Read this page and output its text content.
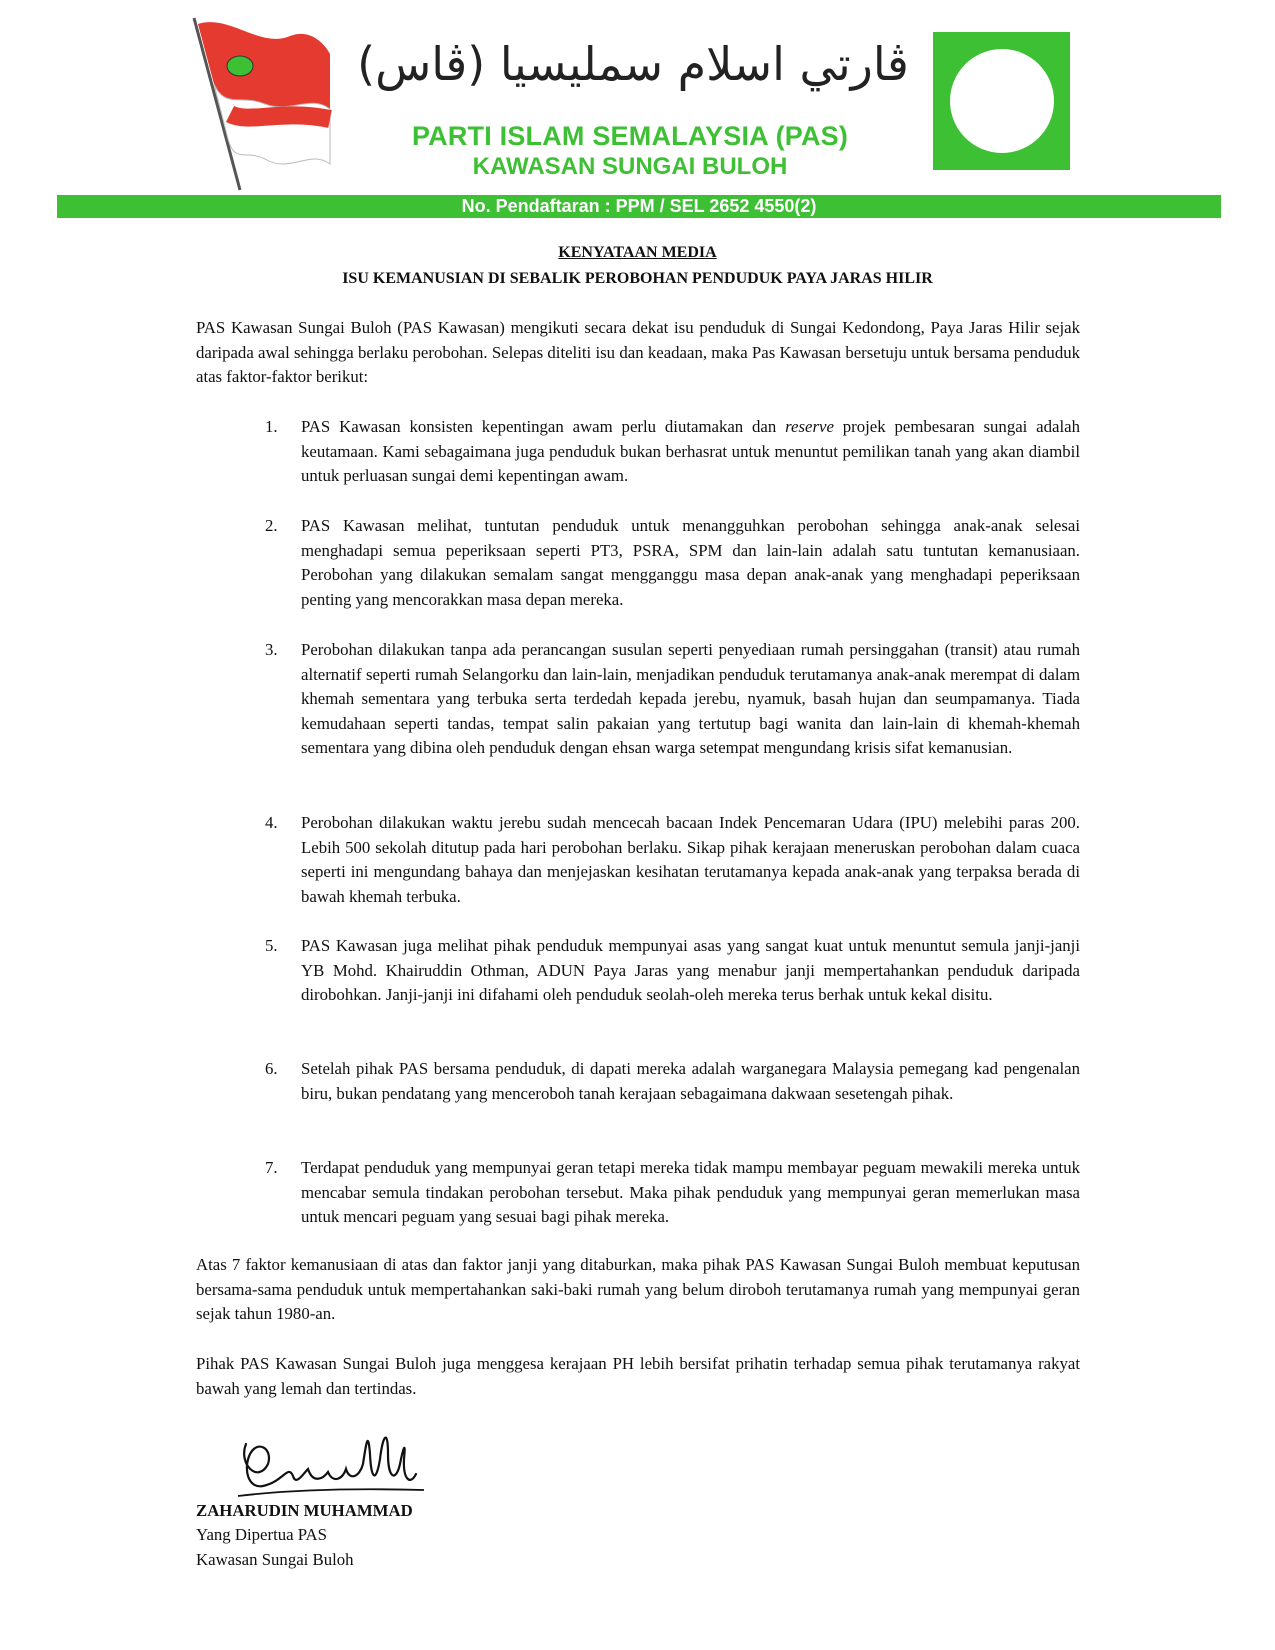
ڤارتي اسلام سمليسيا (ڤاس)
PARTI ISLAM SEMALAYSIA (PAS)
KAWASAN SUNGAI BULOH
No. Pendaftaran : PPM / SEL 2652 4550(2)
KENYATAAN MEDIA
ISU KEMANUSIAN DI SEBALIK PEROBOHAN PENDUDUK PAYA JARAS HILIR
PAS Kawasan Sungai Buloh (PAS Kawasan) mengikuti secara dekat isu penduduk di Sungai Kedondong, Paya Jaras Hilir sejak daripada awal sehingga berlaku perobohan. Selepas diteliti isu dan keadaan, maka Pas Kawasan bersetuju untuk bersama penduduk atas faktor-faktor berikut:
1.	PAS Kawasan konsisten kepentingan awam perlu diutamakan dan reserve projek pembesaran sungai adalah keutamaan. Kami sebagaimana juga penduduk bukan berhasrat untuk menuntut pemilikan tanah yang akan diambil untuk perluasan sungai demi kepentingan awam.
2.	PAS Kawasan melihat, tuntutan penduduk untuk menangguhkan perobohan sehingga anak-anak selesai menghadapi semua peperiksaan seperti PT3, PSRA, SPM dan lain-lain adalah satu tuntutan kemanusiaan. Perobohan yang dilakukan semalam sangat mengganggu masa depan anak-anak yang menghadapi peperiksaan penting yang mencorakkan masa depan mereka.
3.	Perobohan dilakukan tanpa ada perancangan susulan seperti penyediaan rumah persinggahan (transit) atau rumah alternatif seperti rumah Selangorku dan lain-lain, menjadikan penduduk terutamanya anak-anak merempat di dalam khemah sementara yang terbuka serta terdedah kepada jerebu, nyamuk, basah hujan dan seumpamanya. Tiada kemudahaan seperti tandas, tempat salin pakaian yang tertutup bagi wanita dan lain-lain di khemah-khemah sementara yang dibina oleh penduduk dengan ehsan warga setempat mengundang krisis sifat kemanusian.
4.	Perobohan dilakukan waktu jerebu sudah mencecah bacaan Indek Pencemaran Udara (IPU) melebihi paras 200. Lebih 500 sekolah ditutup pada hari perobohan berlaku. Sikap pihak kerajaan meneruskan perobohan dalam cuaca seperti ini mengundang bahaya dan menjejaskan kesihatan terutamanya kepada anak-anak yang terpaksa berada di bawah khemah terbuka.
5.	PAS Kawasan juga melihat pihak penduduk mempunyai asas yang sangat kuat untuk menuntut semula janji-janji YB Mohd. Khairuddin Othman, ADUN Paya Jaras yang menabur janji mempertahankan penduduk daripada dirobohkan. Janji-janji ini difahami oleh penduduk seolah-oleh mereka terus berhak untuk kekal disitu.
6.	Setelah pihak PAS bersama penduduk, di dapati mereka adalah warganegara Malaysia pemegang kad pengenalan biru, bukan pendatang yang menceroboh tanah kerajaan sebagaimana dakwaan sesetengah pihak.
7.	Terdapat penduduk yang mempunyai geran tetapi mereka tidak mampu membayar peguam mewakili mereka untuk mencabar semula tindakan perobohan tersebut. Maka pihak penduduk yang mempunyai geran memerlukan masa untuk mencari peguam yang sesuai bagi pihak mereka.
Atas 7 faktor kemanusiaan di atas dan faktor janji yang ditaburkan, maka pihak PAS Kawasan Sungai Buloh membuat keputusan bersama-sama penduduk untuk mempertahankan saki-baki rumah yang belum diroboh terutamanya rumah yang mempunyai geran sejak tahun 1980-an.
Pihak PAS Kawasan Sungai Buloh juga menggesa kerajaan PH lebih bersifat prihatin terhadap semua pihak terutamanya rakyat bawah yang lemah dan tertindas.
ZAHARUDIN MUHAMMAD
Yang Dipertua PAS
Kawasan Sungai Buloh
